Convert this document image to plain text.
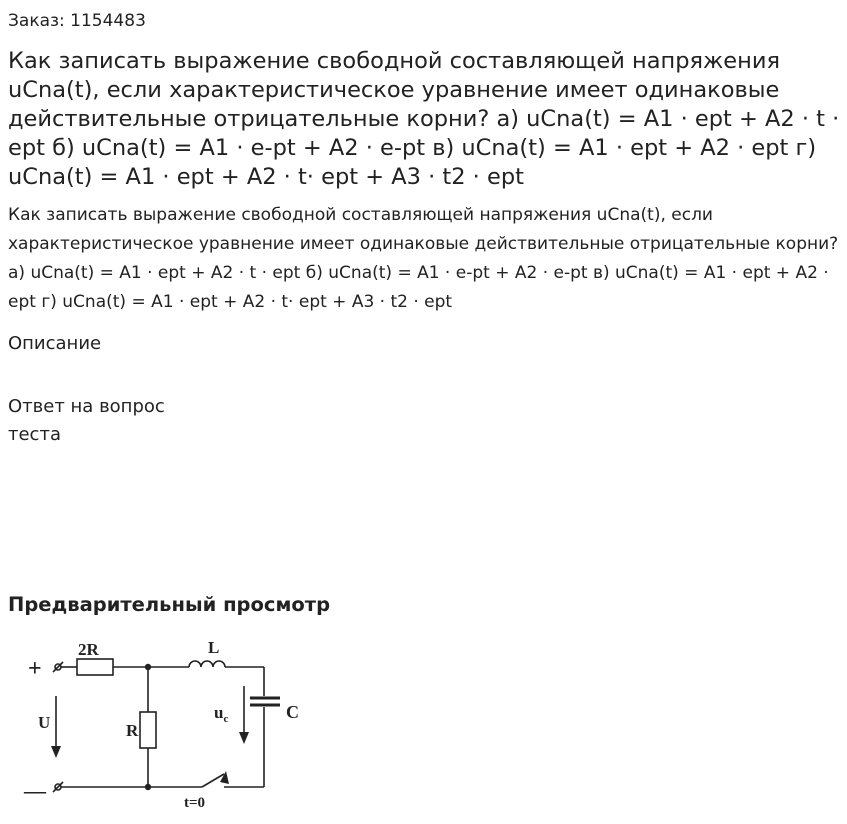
Заказ: 1154483
Как записать выражение свободной составляющей напряжения uCna(t), если характеристическое уравнение имеет одинаковые действительные отрицательные корни? а) uCna(t) = A1 · ept + A2 · t · ept б) uCna(t) = A1 · e-pt + A2 · e-pt в) uCna(t) = A1 · ept + A2 · ept г) uCna(t) = A1 · ept + A2 · t· ept + A3 · t2 · ept

Как записать выражение свободной составляющей напряжения uCna(t), если характеристическое уравнение имеет одинаковые действительные отрицательные корни? а) uCna(t) = A1 · ept + A2 · t · ept б) uCna(t) = A1 · e-pt + A2 · e-pt в) uCna(t) = A1 · ept + A2 · ept г) uCna(t) = A1 · ept + A2 · t· ept + A3 · t2 · ept

Описание
Ответ на вопрос теста
Предварительный просмотр
+
—
2R	L
U	R
$u_c$	C
t=0
